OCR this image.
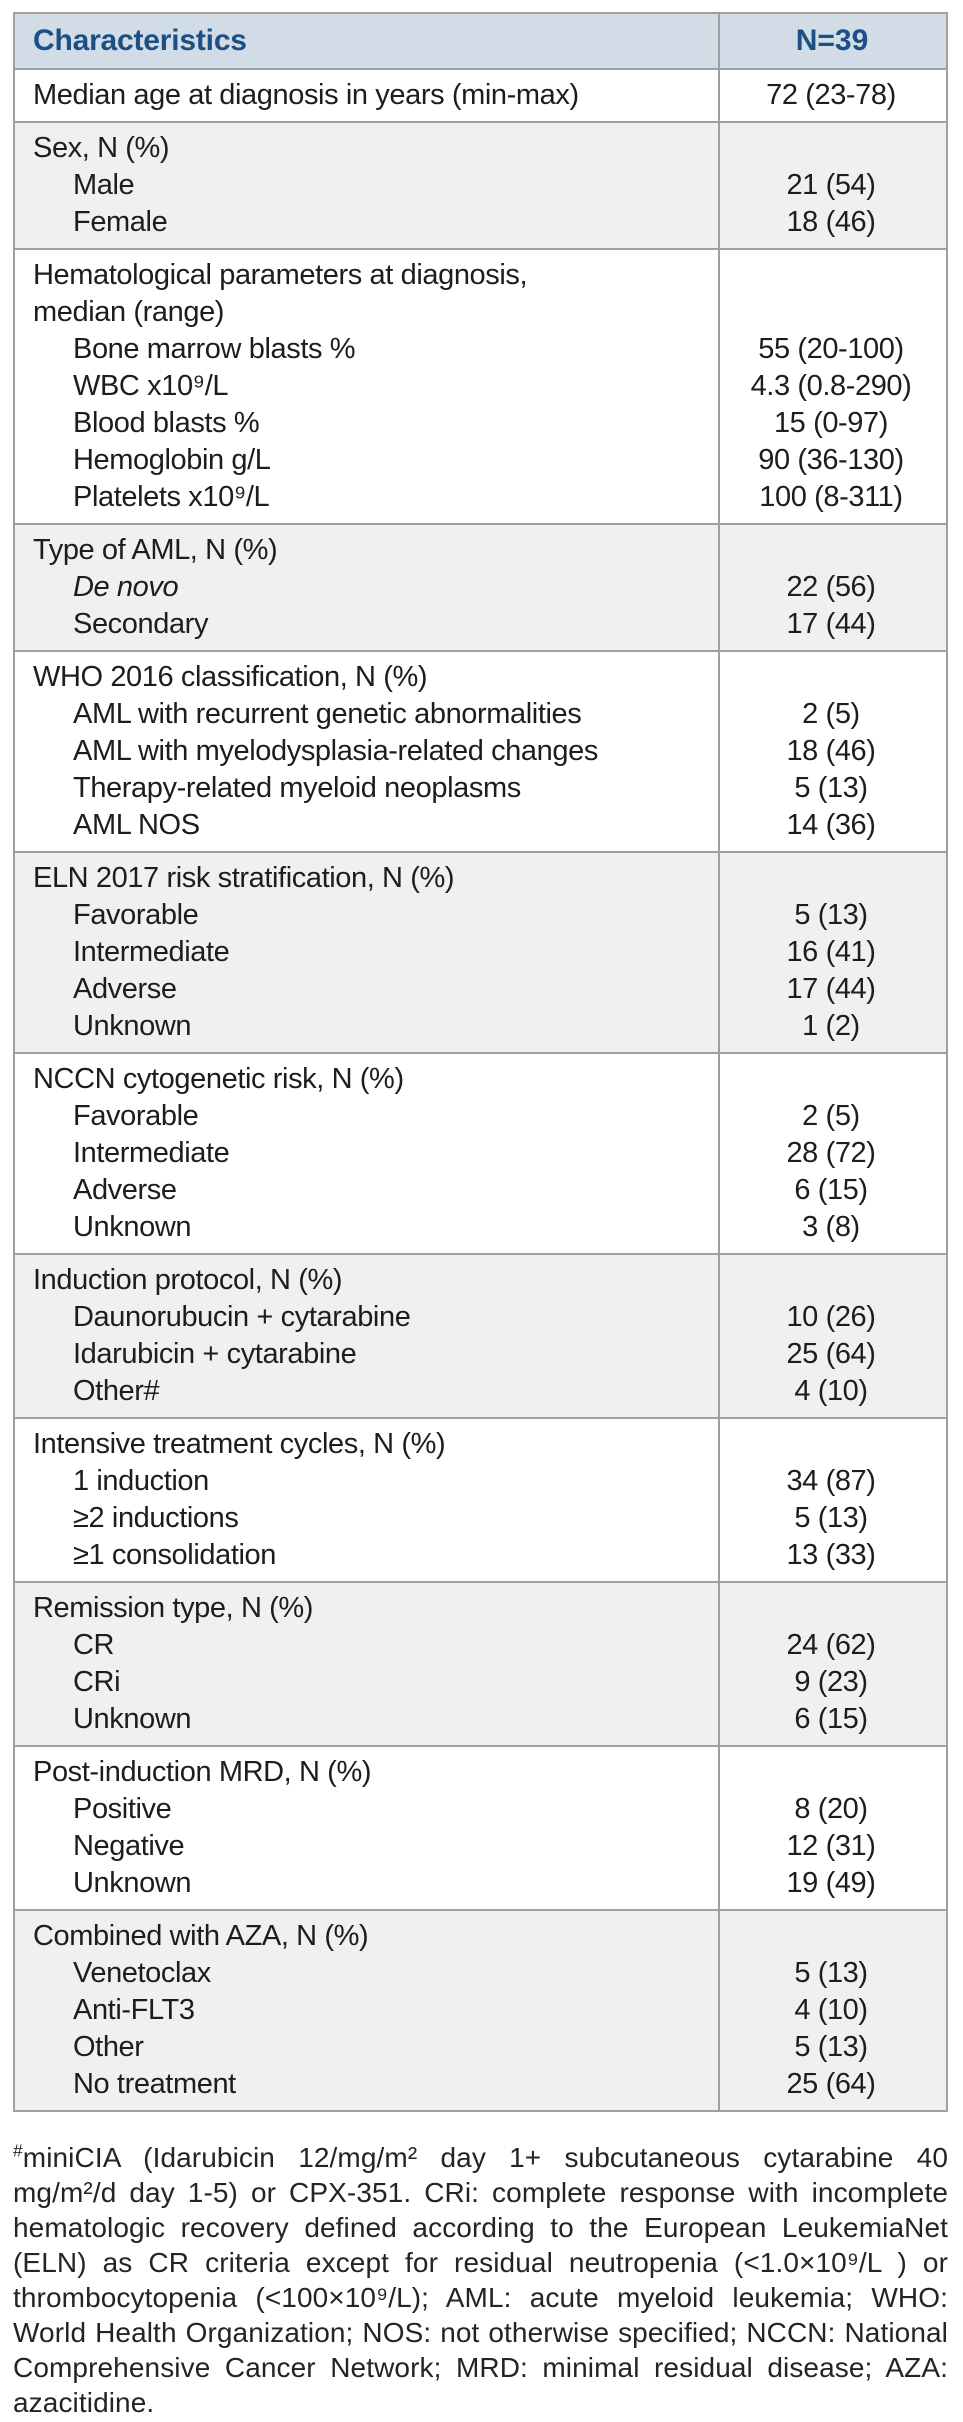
Characteristics	N=39
Median age at diagnosis in years (min-max)	72 (23-78)
Sex, N (%)
Male	21 (54)
Female	18 (46)
Hematological parameters at diagnosis,
median (range)
Bone marrow blasts %	55 (20-100)
WBC x10⁹/L	4.3 (0.8-290)
Blood blasts %	15 (0-97)
Hemoglobin g/L	90 (36-130)
Platelets x10⁹/L	100 (8-311)
Type of AML, N (%)
De novo	22 (56)
Secondary	17 (44)
WHO 2016 classification, N (%)
AML with recurrent genetic abnormalities	2 (5)
AML with myelodysplasia-related changes	18 (46)
Therapy-related myeloid neoplasms	5 (13)
AML NOS	14 (36)
ELN 2017 risk stratification, N (%)
Favorable	5 (13)
Intermediate	16 (41)
Adverse	17 (44)
Unknown	1 (2)
NCCN cytogenetic risk, N (%)
Favorable	2 (5)
Intermediate	28 (72)
Adverse	6 (15)
Unknown	3 (8)
Induction protocol, N (%)
Daunorubucin + cytarabine	10 (26)
Idarubicin + cytarabine	25 (64)
Other#	4 (10)
Intensive treatment cycles, N (%)
1 induction	34 (87)
≥2 inductions	5 (13)
≥1 consolidation	13 (33)
Remission type, N (%)
CR	24 (62)
CRi	9 (23)
Unknown	6 (15)
Post-induction MRD, N (%)
Positive	8 (20)
Negative	12 (31)
Unknown	19 (49)
Combined with AZA, N (%)
Venetoclax	5 (13)
Anti-FLT3	4 (10)
Other	5 (13)
No treatment	25 (64)

#miniCIA (Idarubicin 12/mg/m² day 1+ subcutaneous cytarabine 40 mg/m²/d day 1-5) or CPX-351. CRi: complete response with incomplete hematologic recovery defined according to the European LeukemiaNet (ELN) as CR criteria except for residual neutropenia (<1.0×10⁹/L ) or thrombocytopenia (<100×10⁹/L); AML: acute myeloid leukemia; WHO: World Health Organization; NOS: not otherwise specified; NCCN: National Comprehensive Cancer Network; MRD: minimal residual disease; AZA: azacitidine.
